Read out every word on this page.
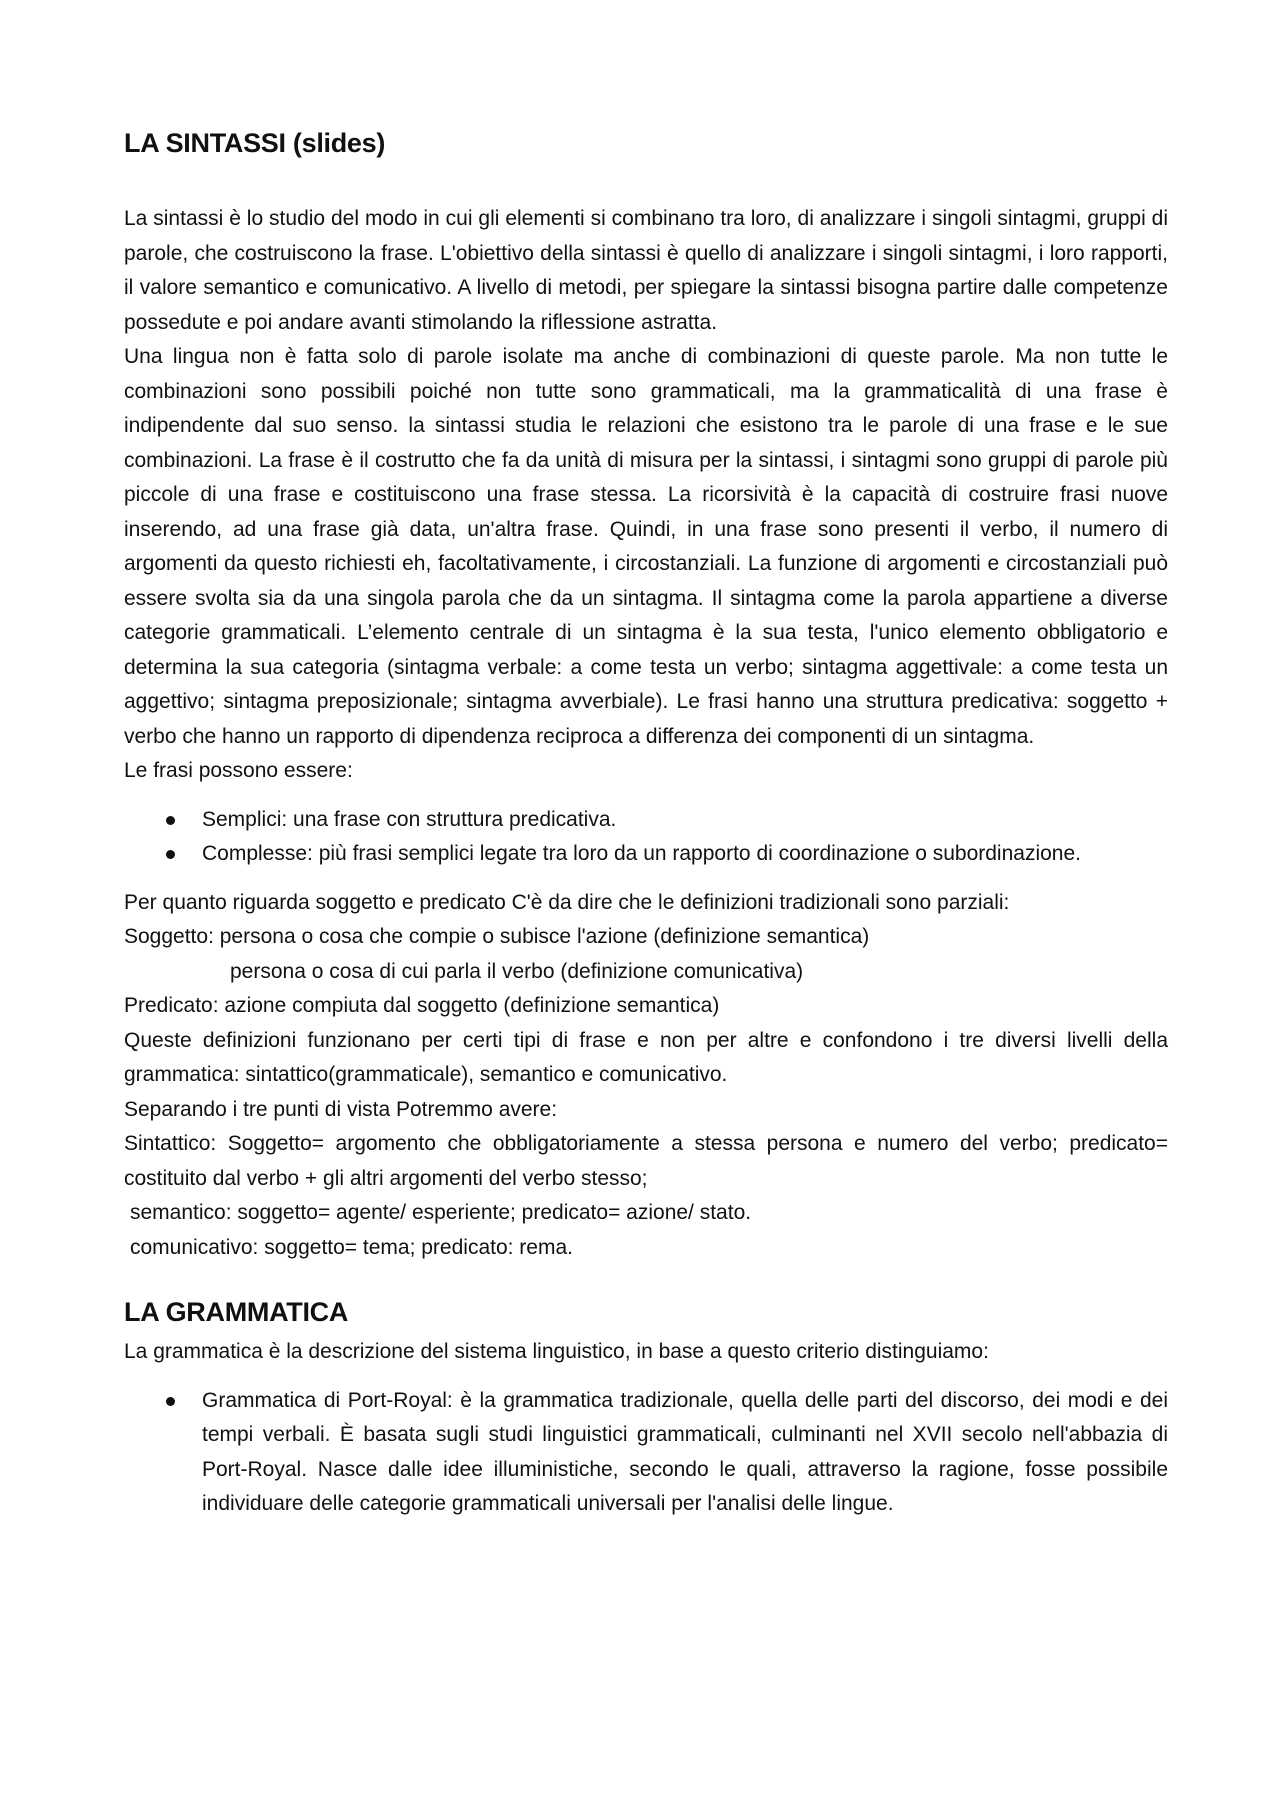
LA SINTASSI (slides)

La sintassi è lo studio del modo in cui gli elementi si combinano tra loro, di analizzare i singoli sintagmi, gruppi di parole, che costruiscono la frase. L'obiettivo della sintassi è quello di analizzare i singoli sintagmi, i loro rapporti, il valore semantico e comunicativo. A livello di metodi, per spiegare la sintassi bisogna partire dalle competenze possedute e poi andare avanti stimolando la riflessione astratta.

Una lingua non è fatta solo di parole isolate ma anche di combinazioni di queste parole. Ma non tutte le combinazioni sono possibili poiché non tutte sono grammaticali, ma la grammaticalità di una frase è indipendente dal suo senso. la sintassi studia le relazioni che esistono tra le parole di una frase e le sue combinazioni. La frase è il costrutto che fa da unità di misura per la sintassi, i sintagmi sono gruppi di parole più piccole di una frase e costituiscono una frase stessa. La ricorsività è la capacità di costruire frasi nuove inserendo, ad una frase già data, un'altra frase. Quindi, in una frase sono presenti il verbo, il numero di argomenti da questo richiesti eh, facoltativamente, i circostanziali. La funzione di argomenti e circostanziali può essere svolta sia da una singola parola che da un sintagma. Il sintagma come la parola appartiene a diverse categorie grammaticali. L’elemento centrale di un sintagma è la sua testa, l'unico elemento obbligatorio e determina la sua categoria (sintagma verbale: a come testa un verbo; sintagma aggettivale: a come testa un aggettivo; sintagma preposizionale; sintagma avverbiale). Le frasi hanno una struttura predicativa: soggetto + verbo che hanno un rapporto di dipendenza reciproca a differenza dei componenti di un sintagma.

Le frasi possono essere:

Semplici: una frase con struttura predicativa.
Complesse: più frasi semplici legate tra loro da un rapporto di coordinazione o subordinazione.

Per quanto riguarda soggetto e predicato C'è da dire che le definizioni tradizionali sono parziali:

Soggetto: persona o cosa che compie o subisce l'azione (definizione semantica)

persona o cosa di cui parla il verbo (definizione comunicativa)

Predicato: azione compiuta dal soggetto (definizione semantica)

Queste definizioni funzionano per certi tipi di frase e non per altre e confondono i tre diversi livelli della grammatica: sintattico(grammaticale), semantico e comunicativo.

Separando i tre punti di vista Potremmo avere:

Sintattico: Soggetto= argomento che obbligatoriamente a stessa persona e numero del verbo; predicato= costituito dal verbo + gli altri argomenti del verbo stesso;

semantico: soggetto= agente/ esperiente; predicato= azione/ stato.

comunicativo: soggetto= tema; predicato: rema.

LA GRAMMATICA

La grammatica è la descrizione del sistema linguistico, in base a questo criterio distinguiamo:

Grammatica di Port-Royal: è la grammatica tradizionale, quella delle parti del discorso, dei modi e dei tempi verbali. È basata sugli studi linguistici grammaticali, culminanti nel XVII secolo nell'abbazia di Port-Royal. Nasce dalle idee illuministiche, secondo le quali, attraverso la ragione, fosse possibile individuare delle categorie grammaticali universali per l'analisi delle lingue.
